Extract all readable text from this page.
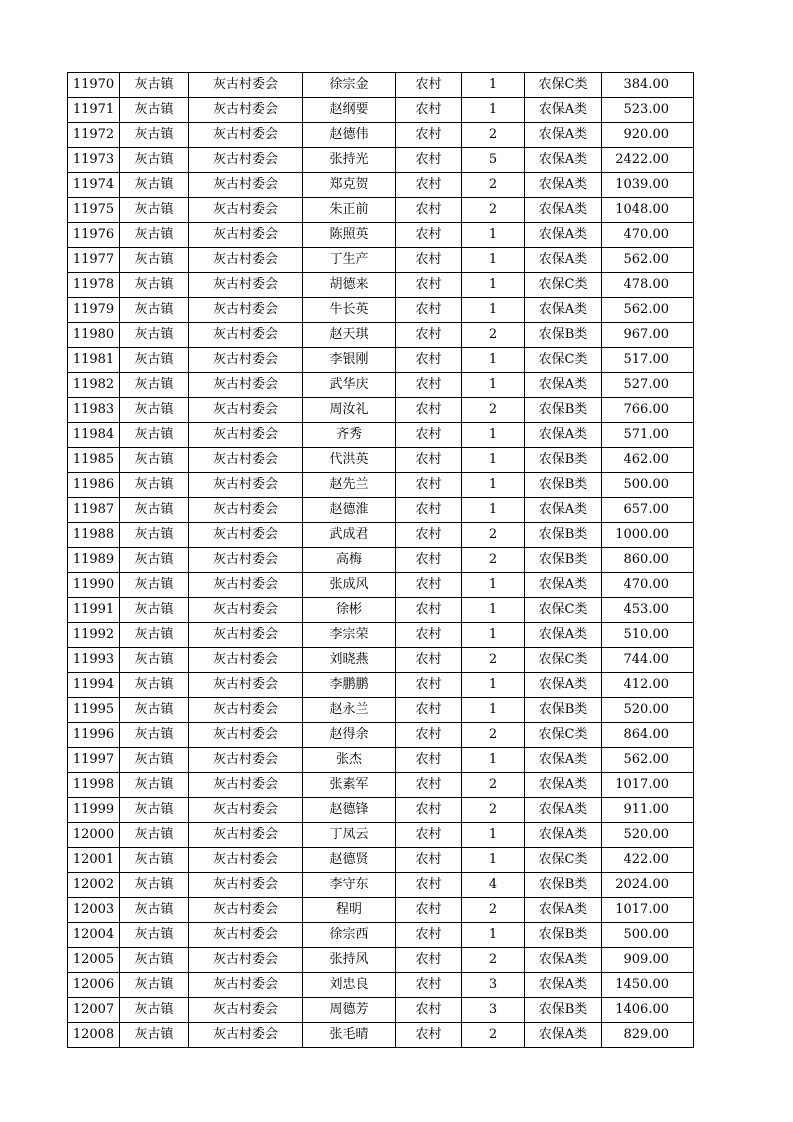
11970	灰古镇	灰古村委会	徐宗金	农村	1	农保C类	384.00
11971	灰古镇	灰古村委会	赵纲要	农村	1	农保A类	523.00
11972	灰古镇	灰古村委会	赵德伟	农村	2	农保A类	920.00
11973	灰古镇	灰古村委会	张持光	农村	5	农保A类	2422.00
11974	灰古镇	灰古村委会	郑克贺	农村	2	农保A类	1039.00
11975	灰古镇	灰古村委会	朱正前	农村	2	农保A类	1048.00
11976	灰古镇	灰古村委会	陈照英	农村	1	农保A类	470.00
11977	灰古镇	灰古村委会	丁生产	农村	1	农保A类	562.00
11978	灰古镇	灰古村委会	胡德来	农村	1	农保C类	478.00
11979	灰古镇	灰古村委会	牛长英	农村	1	农保A类	562.00
11980	灰古镇	灰古村委会	赵天琪	农村	2	农保B类	967.00
11981	灰古镇	灰古村委会	李银刚	农村	1	农保C类	517.00
11982	灰古镇	灰古村委会	武华庆	农村	1	农保A类	527.00
11983	灰古镇	灰古村委会	周汝礼	农村	2	农保B类	766.00
11984	灰古镇	灰古村委会	齐秀	农村	1	农保A类	571.00
11985	灰古镇	灰古村委会	代洪英	农村	1	农保B类	462.00
11986	灰古镇	灰古村委会	赵先兰	农村	1	农保B类	500.00
11987	灰古镇	灰古村委会	赵德淮	农村	1	农保A类	657.00
11988	灰古镇	灰古村委会	武成君	农村	2	农保B类	1000.00
11989	灰古镇	灰古村委会	高梅	农村	2	农保B类	860.00
11990	灰古镇	灰古村委会	张成风	农村	1	农保A类	470.00
11991	灰古镇	灰古村委会	徐彬	农村	1	农保C类	453.00
11992	灰古镇	灰古村委会	李宗荣	农村	1	农保A类	510.00
11993	灰古镇	灰古村委会	刘晓燕	农村	2	农保C类	744.00
11994	灰古镇	灰古村委会	李鹏鹏	农村	1	农保A类	412.00
11995	灰古镇	灰古村委会	赵永兰	农村	1	农保B类	520.00
11996	灰古镇	灰古村委会	赵得余	农村	2	农保C类	864.00
11997	灰古镇	灰古村委会	张杰	农村	1	农保A类	562.00
11998	灰古镇	灰古村委会	张素军	农村	2	农保A类	1017.00
11999	灰古镇	灰古村委会	赵德锋	农村	2	农保A类	911.00
12000	灰古镇	灰古村委会	丁凤云	农村	1	农保A类	520.00
12001	灰古镇	灰古村委会	赵德贤	农村	1	农保C类	422.00
12002	灰古镇	灰古村委会	李守东	农村	4	农保B类	2024.00
12003	灰古镇	灰古村委会	程明	农村	2	农保A类	1017.00
12004	灰古镇	灰古村委会	徐宗西	农村	1	农保B类	500.00
12005	灰古镇	灰古村委会	张持风	农村	2	农保A类	909.00
12006	灰古镇	灰古村委会	刘忠良	农村	3	农保A类	1450.00
12007	灰古镇	灰古村委会	周德芳	农村	3	农保B类	1406.00
12008	灰古镇	灰古村委会	张毛晴	农村	2	农保A类	829.00
